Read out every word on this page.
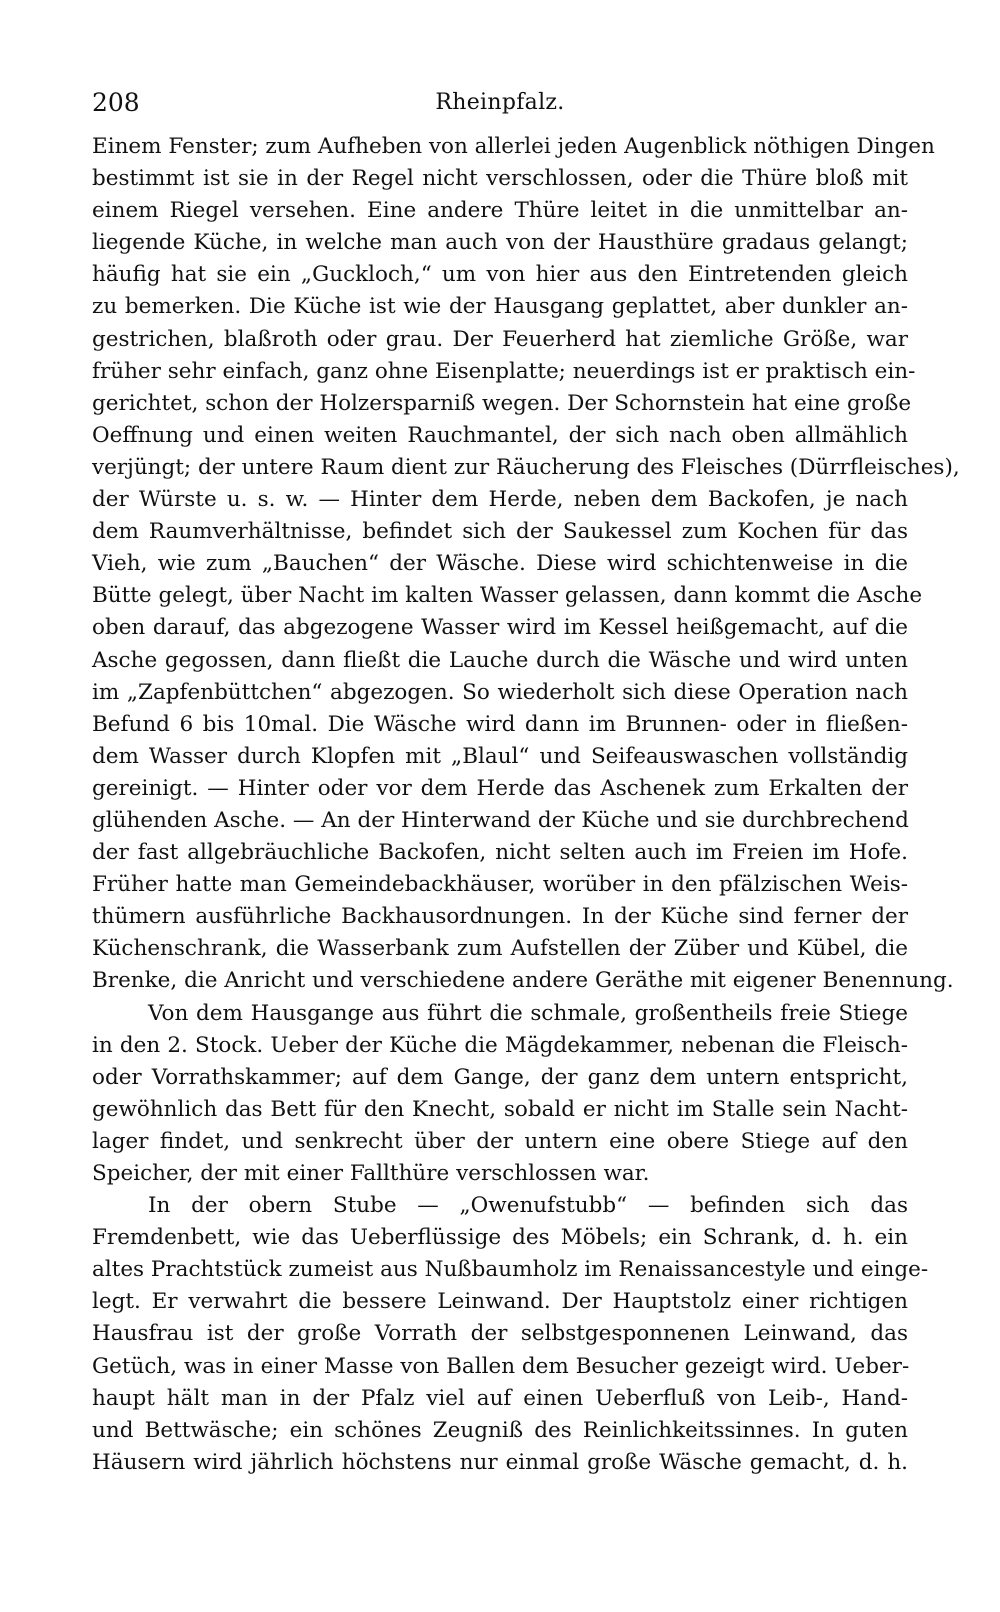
208	Rheinpfalz.
Einem Fenster; zum Aufheben von allerlei jeden Augenblick nöthigen Dingen
bestimmt ist sie in der Regel nicht verschlossen, oder die Thüre bloß mit
einem Riegel versehen. Eine andere Thüre leitet in die unmittelbar an-
liegende Küche, in welche man auch von der Hausthüre gradaus gelangt;
häufig hat sie ein „Guckloch,“ um von hier aus den Eintretenden gleich
zu bemerken. Die Küche ist wie der Hausgang geplattet, aber dunkler an-
gestrichen, blaßroth oder grau. Der Feuerherd hat ziemliche Größe, war
früher sehr einfach, ganz ohne Eisenplatte; neuerdings ist er praktisch ein-
gerichtet, schon der Holzersparniß wegen. Der Schornstein hat eine große
Oeffnung und einen weiten Rauchmantel, der sich nach oben allmählich
verjüngt; der untere Raum dient zur Räucherung des Fleisches (Dürrfleisches),
der Würste u. s. w. — Hinter dem Herde, neben dem Backofen, je nach
dem Raumverhältnisse, befindet sich der Saukessel zum Kochen für das
Vieh, wie zum „Bauchen“ der Wäsche. Diese wird schichtenweise in die
Bütte gelegt, über Nacht im kalten Wasser gelassen, dann kommt die Asche
oben darauf, das abgezogene Wasser wird im Kessel heißgemacht, auf die
Asche gegossen, dann fließt die Lauche durch die Wäsche und wird unten
im „Zapfenbüttchen“ abgezogen. So wiederholt sich diese Operation nach
Befund 6 bis 10mal. Die Wäsche wird dann im Brunnen- oder in fließen-
dem Wasser durch Klopfen mit „Blaul“ und Seifeauswaschen vollständig
gereinigt. — Hinter oder vor dem Herde das Aschenek zum Erkalten der
glühenden Asche. — An der Hinterwand der Küche und sie durchbrechend
der fast allgebräuchliche Backofen, nicht selten auch im Freien im Hofe.
Früher hatte man Gemeindebackhäuser, worüber in den pfälzischen Weis-
thümern ausführliche Backhausordnungen. In der Küche sind ferner der
Küchenschrank, die Wasserbank zum Aufstellen der Züber und Kübel, die
Brenke, die Anricht und verschiedene andere Geräthe mit eigener Benennung.
Von dem Hausgange aus führt die schmale, großentheils freie Stiege
in den 2. Stock. Ueber der Küche die Mägdekammer, nebenan die Fleisch-
oder Vorrathskammer; auf dem Gange, der ganz dem untern entspricht,
gewöhnlich das Bett für den Knecht, sobald er nicht im Stalle sein Nacht-
lager findet, und senkrecht über der untern eine obere Stiege auf den
Speicher, der mit einer Fallthüre verschlossen war.
In der obern Stube — „Owenufstubb“ — befinden sich das
Fremdenbett, wie das Ueberflüssige des Möbels; ein Schrank, d. h. ein
altes Prachtstück zumeist aus Nußbaumholz im Renaissancestyle und einge-
legt. Er verwahrt die bessere Leinwand. Der Hauptstolz einer richtigen
Hausfrau ist der große Vorrath der selbstgesponnenen Leinwand, das
Getüch, was in einer Masse von Ballen dem Besucher gezeigt wird. Ueber-
haupt hält man in der Pfalz viel auf einen Ueberfluß von Leib-, Hand-
und Bettwäsche; ein schönes Zeugniß des Reinlichkeitssinnes. In guten
Häusern wird jährlich höchstens nur einmal große Wäsche gemacht, d. h.
